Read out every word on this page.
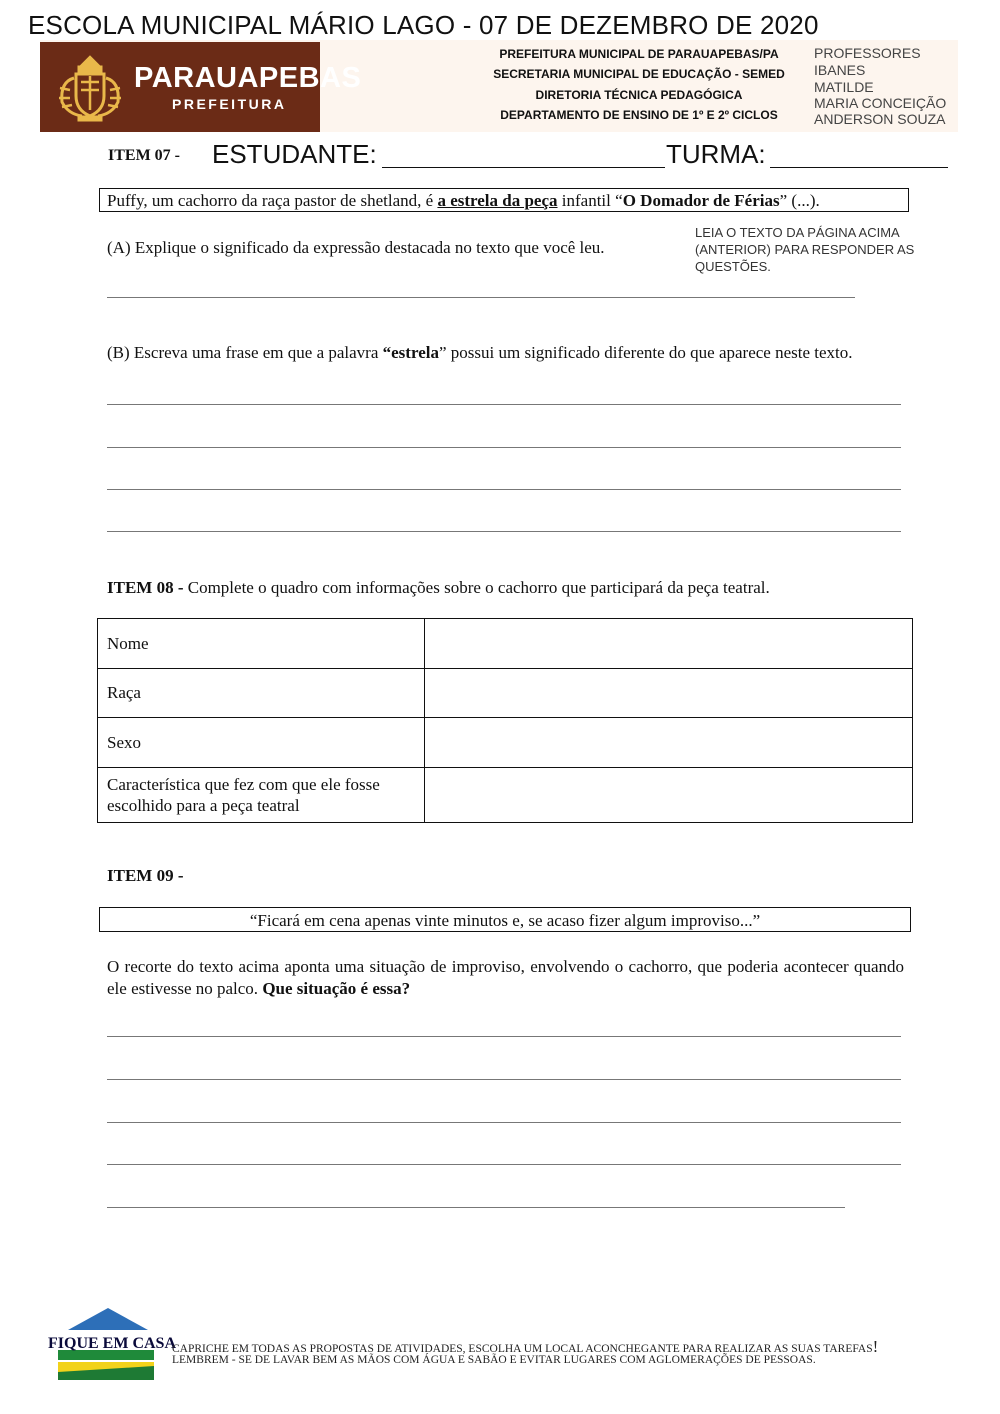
ESCOLA MUNICIPAL MÁRIO LAGO - 07 DE DEZEMBRO DE 2020
PARAUAPEBAS
PREFEITURA
PREFEITURA MUNICIPAL DE PARAUAPEBAS/PA
SECRETARIA MUNICIPAL DE EDUCAÇÃO - SEMED
DIRETORIA TÉCNICA PEDAGÓGICA
DEPARTAMENTO DE ENSINO DE 1º E 2º CICLOS
PROFESSORES
IBANES
MATILDE
MARIA CONCEIÇÃO
ANDERSON SOUZA
ITEM 07 - ESTUDANTE:	TURMA:
Puffy, um cachorro da raça pastor de shetland, é a estrela da peça infantil “O Domador de Férias” (...).
(A) Explique o significado da expressão destacada no texto que você leu.
LEIA O TEXTO DA PÁGINA ACIMA (ANTERIOR) PARA RESPONDER AS QUESTÕES.
(B) Escreva uma frase em que a palavra “estrela” possui um significado diferente do que aparece neste texto.
ITEM 08 - Complete o quadro com informações sobre o cachorro que participará da peça teatral.
Nome	
Raça	
Sexo	
Característica que fez com que ele fosse escolhido para a peça teatral	
ITEM 09 -
“Ficará em cena apenas vinte minutos e, se acaso fizer algum improviso...”
O recorte do texto acima aponta uma situação de improviso, envolvendo o cachorro, que poderia acontecer quando ele estivesse no palco. Que situação é essa?
FIQUE EM CASA
CAPRICHE EM TODAS AS PROPOSTAS DE ATIVIDADES, ESCOLHA UM LOCAL ACONCHEGANTE PARA REALIZAR AS SUAS TAREFAS!
LEMBREM - SE DE LAVAR BEM AS MÃOS COM ÁGUA E SABÃO E EVITAR LUGARES COM AGLOMERAÇÕES DE PESSOAS.
